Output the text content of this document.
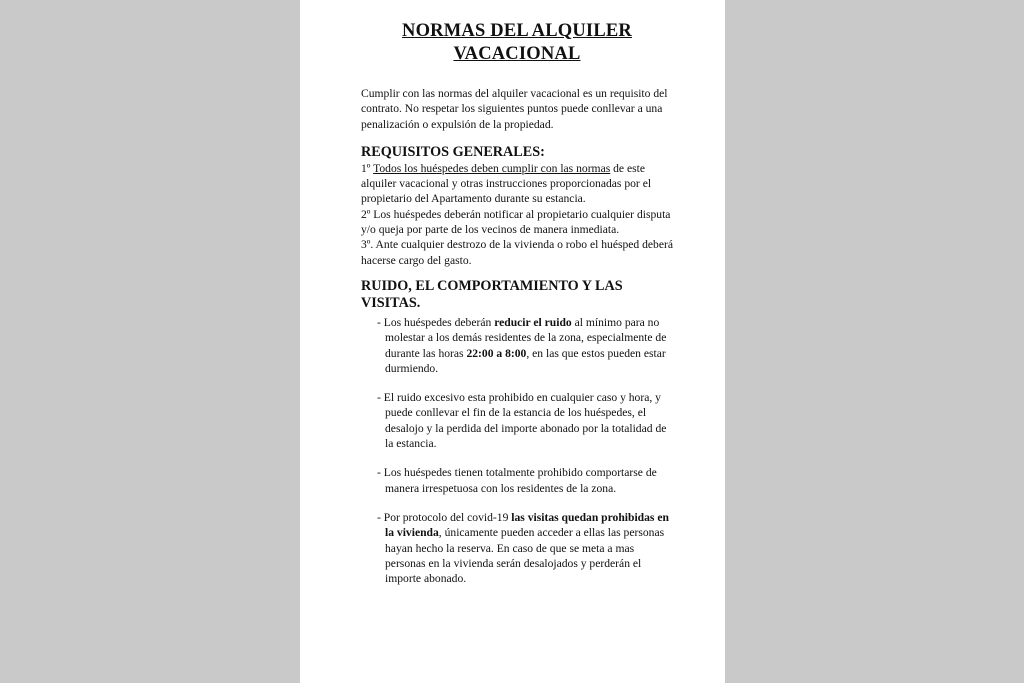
NORMAS DEL ALQUILER
VACACIONAL
Cumplir con las normas del alquiler vacacional es un requisito del contrato. No respetar los siguientes puntos puede conllevar a una penalización o expulsión de la propiedad.
REQUISITOS GENERALES:
1º Todos los huéspedes deben cumplir con las normas de este alquiler vacacional y otras instrucciones proporcionadas por el propietario del Apartamento durante su estancia.
2º Los huéspedes deberán notificar al propietario cualquier disputa y/o queja por parte de los vecinos de manera inmediata.
3º. Ante cualquier destrozo de la vivienda o robo el huésped deberá hacerse cargo del gasto.
RUIDO, EL COMPORTAMIENTO Y LAS VISITAS.
- Los huéspedes deberán reducir el ruido al mínimo para no molestar a los demás residentes de la zona, especialmente de durante las horas 22:00 a 8:00, en las que estos pueden estar durmiendo.
- El ruido excesivo esta prohibido en cualquier caso y hora, y puede conllevar el fin de la estancia de los huéspedes, el desalojo y la perdida del importe abonado por la totalidad de la estancia.
- Los huéspedes tienen totalmente prohibido comportarse de manera irrespetuosa con los residentes de la zona.
- Por protocolo del covid-19 las visitas quedan prohibidas en la vivienda, únicamente pueden acceder a ellas las personas hayan hecho la reserva. En caso de que se meta a mas personas en la vivienda serán desalojados y perderán el importe abonado.
